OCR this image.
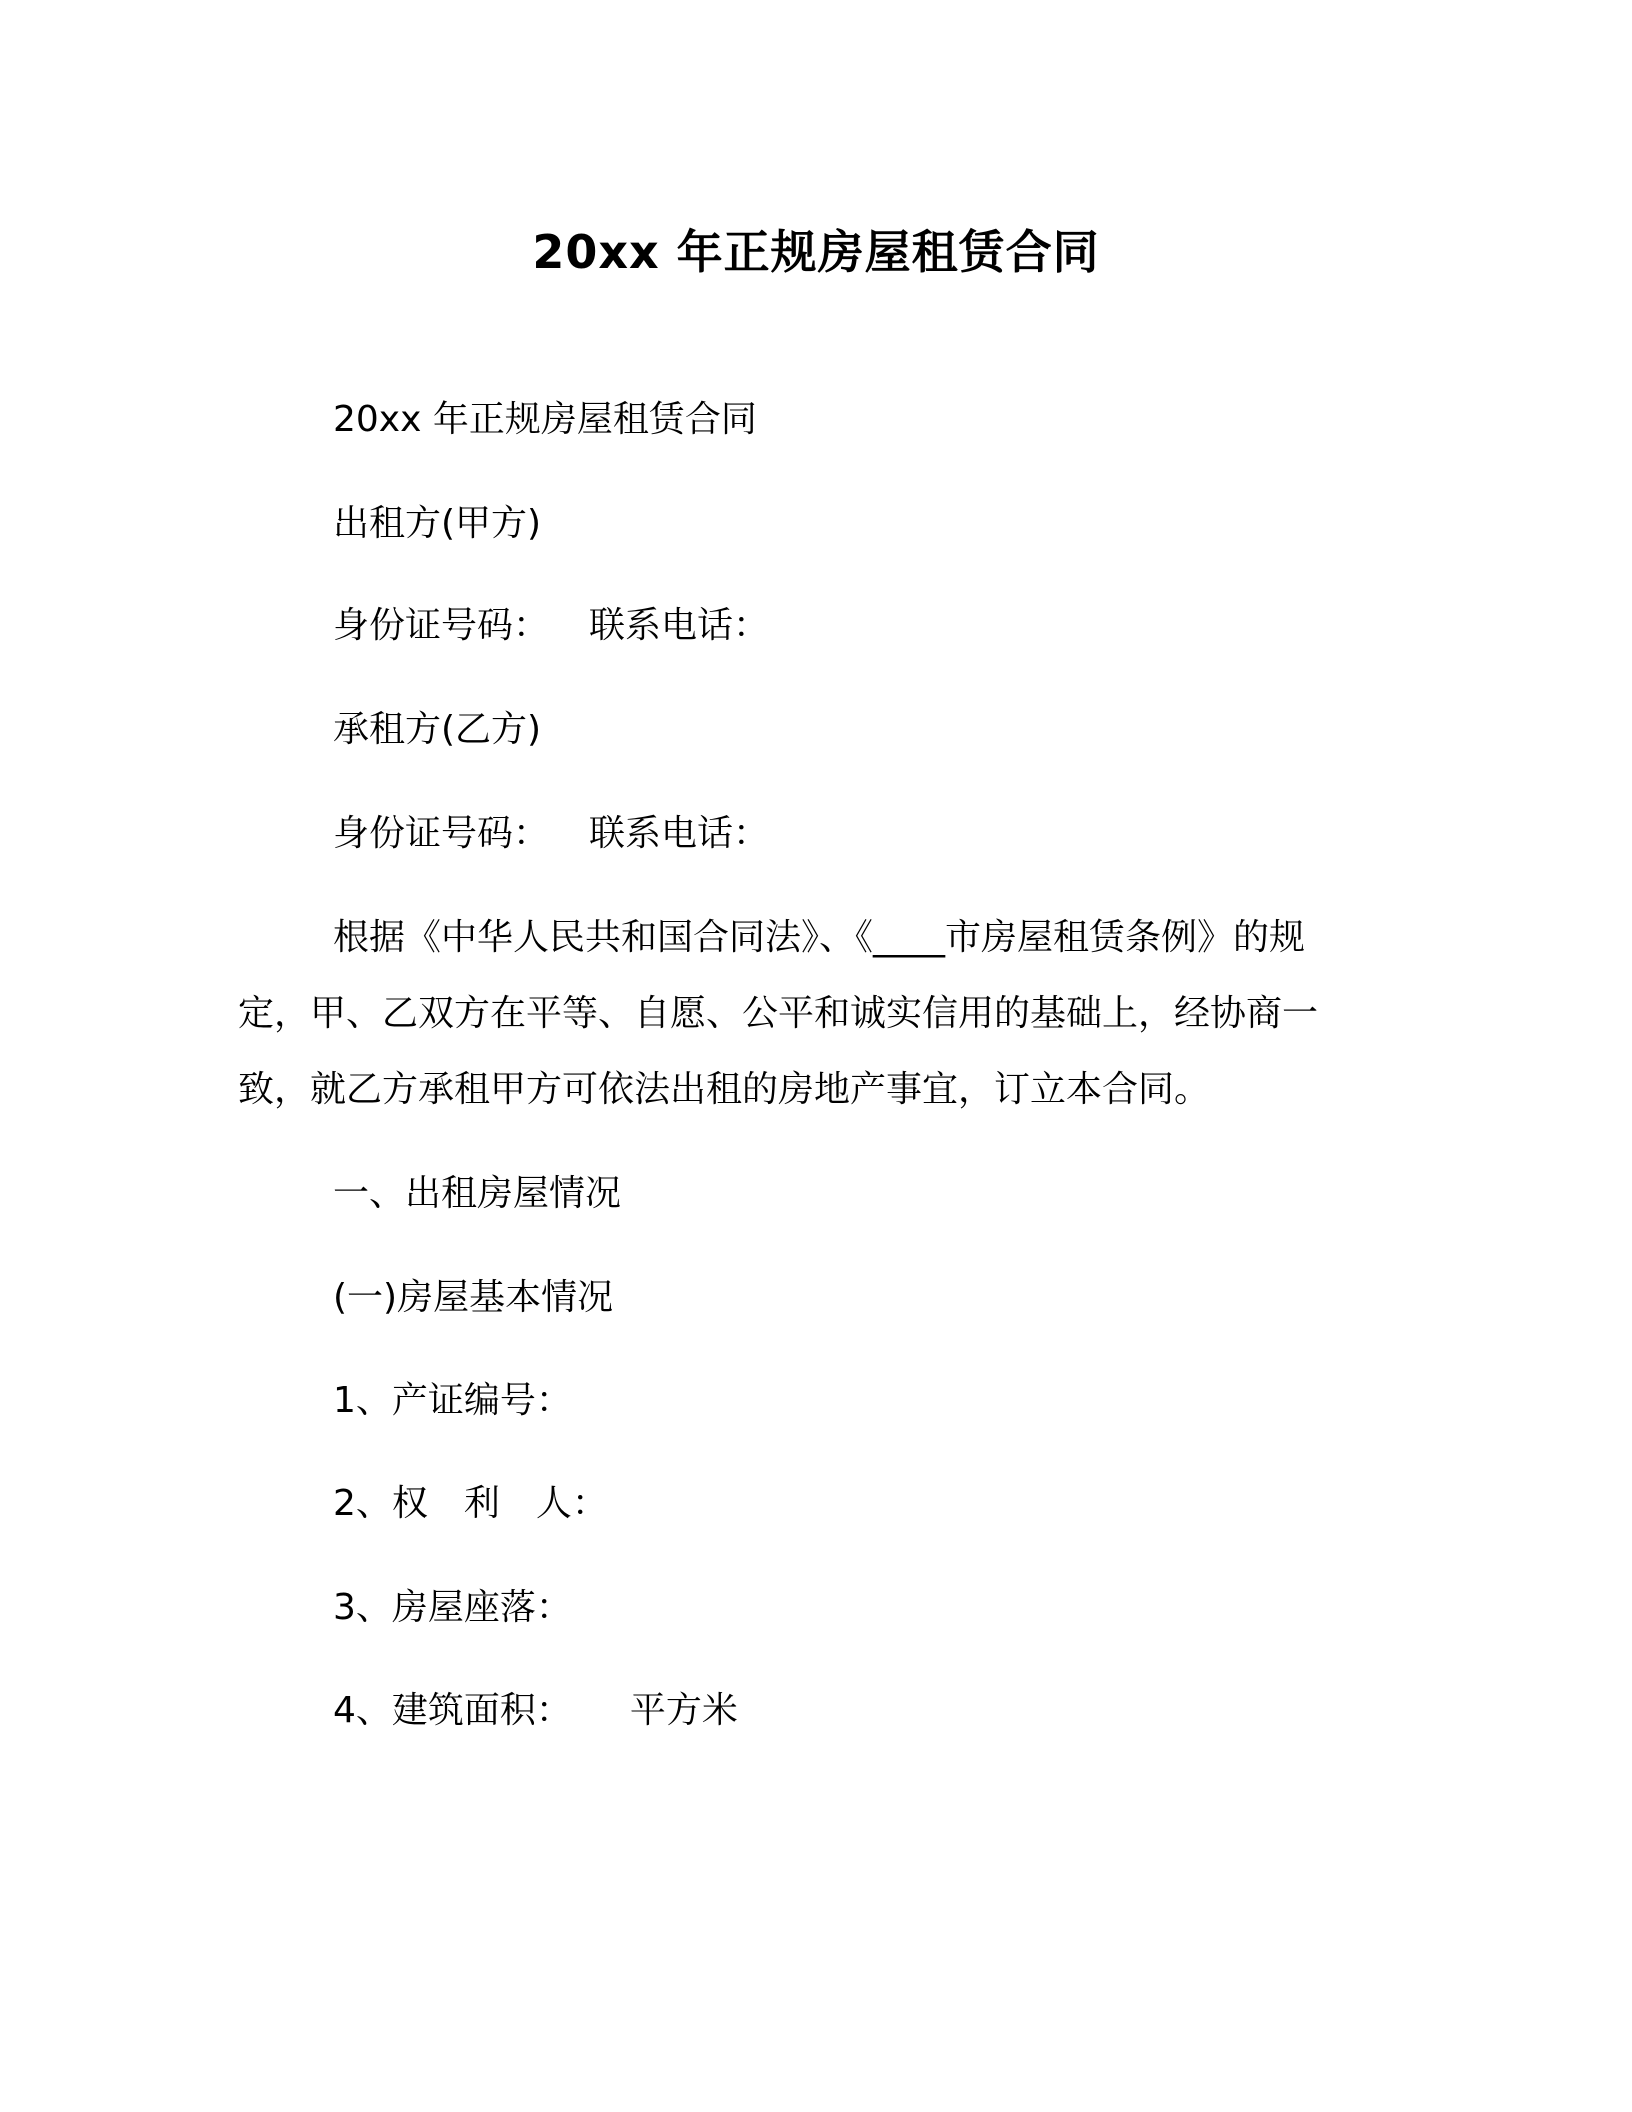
20xx 年正规房屋租赁合同
20xx 年正规房屋租赁合同
出租方(甲方)
身份证号码： 联系电话：
承租方(乙方)
身份证号码： 联系电话：
根据《中华人民共和国合同法》、《____市房屋租赁条例》的规
定，甲、乙双方在平等、自愿、公平和诚实信用的基础上，经协商一
致，就乙方承租甲方可依法出租的房地产事宜，订立本合同。
一、出租房屋情况
(一)房屋基本情况
1、产证编号：
2、权　利　人：
3、房屋座落：
4、建筑面积： 平方米
